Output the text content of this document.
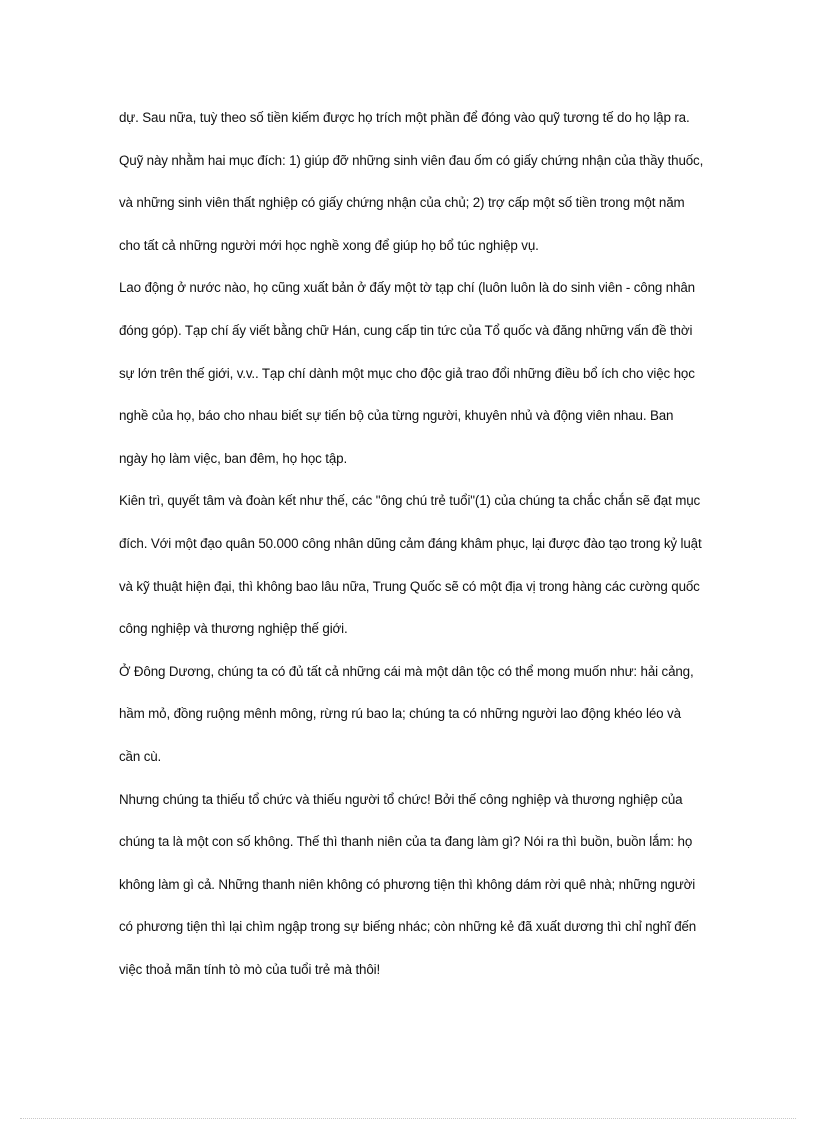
dự. Sau nữa, tuỳ theo số tiền kiếm được họ trích một phần để đóng vào quỹ tương tế do họ lập ra. Quỹ này nhằm hai mục đích: 1) giúp đỡ những sinh viên đau ốm có giấy chứng nhận của thầy thuốc, và những sinh viên thất nghiệp có giấy chứng nhận của chủ; 2) trợ cấp một số tiền trong một năm cho tất cả những người mới học nghề xong để giúp họ bổ túc nghiệp vụ.

Lao động ở nước nào, họ cũng xuất bản ở đấy một tờ tạp chí (luôn luôn là do sinh viên - công nhân đóng góp). Tạp chí ấy viết bằng chữ Hán, cung cấp tin tức của Tổ quốc và đăng những vấn đề thời sự lớn trên thế giới, v.v.. Tạp chí dành một mục cho độc giả trao đổi những điều bổ ích cho việc học nghề của họ, báo cho nhau biết sự tiến bộ của từng người, khuyên nhủ và động viên nhau. Ban ngày họ làm việc, ban đêm, họ học tập.

Kiên trì, quyết tâm và đoàn kết như thế, các "ông chú trẻ tuổi"(1) của chúng ta chắc chắn sẽ đạt mục đích. Với một đạo quân 50.000 công nhân dũng cảm đáng khâm phục, lại được đào tạo trong kỷ luật và kỹ thuật hiện đại, thì không bao lâu nữa, Trung Quốc sẽ có một địa vị trong hàng các cường quốc công nghiệp và thương nghiệp thế giới.

Ở Đông Dương, chúng ta có đủ tất cả những cái mà một dân tộc có thể mong muốn như: hải cảng, hầm mỏ, đồng ruộng mênh mông, rừng rú bao la; chúng ta có những người lao động khéo léo và cần cù.

Nhưng chúng ta thiếu tổ chức và thiếu người tổ chức! Bởi thế công nghiệp và thương nghiệp của chúng ta là một con số không. Thế thì thanh niên của ta đang làm gì? Nói ra thì buồn, buồn lắm: họ không làm gì cả. Những thanh niên không có phương tiện thì không dám rời quê nhà; những người có phương tiện thì lại chìm ngập trong sự biếng nhác; còn những kẻ đã xuất dương thì chỉ nghĩ đến việc thoả mãn tính tò mò của tuổi trẻ mà thôi!
